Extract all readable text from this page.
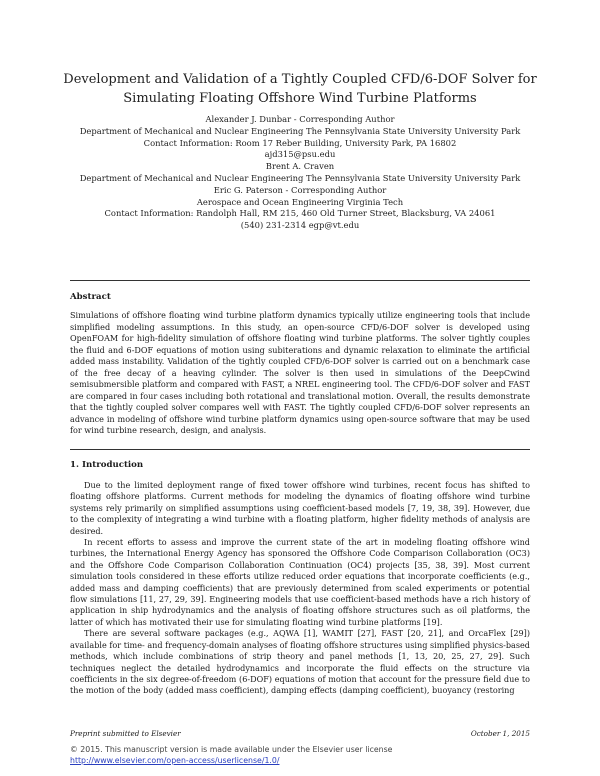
Development and Validation of a Tightly Coupled CFD/6-DOF Solver for
Simulating Floating Offshore Wind Turbine Platforms
Alexander J. Dunbar - Corresponding Author
Department of Mechanical and Nuclear Engineering The Pennsylvania State University University Park
Contact Information: Room 17 Reber Building, University Park, PA 16802
ajd315@psu.edu
Brent A. Craven
Department of Mechanical and Nuclear Engineering The Pennsylvania State University University Park
Eric G. Paterson - Corresponding Author
Aerospace and Ocean Engineering Virginia Tech
Contact Information: Randolph Hall, RM 215, 460 Old Turner Street, Blacksburg, VA 24061
(540) 231-2314 egp@vt.edu
Abstract
Simulations of offshore floating wind turbine platform dynamics typically utilize engineering tools that include simplified modeling assumptions. In this study, an open-source CFD/6-DOF solver is developed using OpenFOAM for high-fidelity simulation of offshore floating wind turbine platforms. The solver tightly couples the fluid and 6-DOF equations of motion using subiterations and dynamic relaxation to eliminate the artificial added mass instability. Validation of the tightly coupled CFD/6-DOF solver is carried out on a benchmark case of the free decay of a heaving cylinder. The solver is then used in simulations of the DeepCwind semisubmersible platform and compared with FAST, a NREL engineering tool. The CFD/6-DOF solver and FAST are compared in four cases including both rotational and translational motion. Overall, the results demonstrate that the tightly coupled solver compares well with FAST. The tightly coupled CFD/6-DOF solver represents an advance in modeling of offshore wind turbine platform dynamics using open-source software that may be used for wind turbine research, design, and analysis.
1. Introduction

Due to the limited deployment range of fixed tower offshore wind turbines, recent focus has shifted to floating offshore platforms. Current methods for modeling the dynamics of floating offshore wind turbine systems rely primarily on simplified assumptions using coefficient-based models [7, 19, 38, 39]. However, due to the complexity of integrating a wind turbine with a floating platform, higher fidelity methods of analysis are desired.

In recent efforts to assess and improve the current state of the art in modeling floating offshore wind turbines, the International Energy Agency has sponsored the Offshore Code Comparison Collaboration (OC3) and the Offshore Code Comparison Collaboration Continuation (OC4) projects [35, 38, 39]. Most current simulation tools considered in these efforts utilize reduced order equations that incorporate coefficients (e.g., added mass and damping coefficients) that are previously determined from scaled experiments or potential flow simulations [11, 27, 29, 39]. Engineering models that use coefficient-based methods have a rich history of application in ship hydrodynamics and the analysis of floating offshore structures such as oil platforms, the latter of which has motivated their use for simulating floating wind turbine platforms [19].

There are several software packages (e.g., AQWA [1], WAMIT [27], FAST [20, 21], and OrcaFlex [29]) available for time- and frequency-domain analyses of floating offshore structures using simplified physics-based methods, which include combinations of strip theory and panel methods [1, 13, 20, 25, 27, 29]. Such techniques neglect the detailed hydrodynamics and incorporate the fluid effects on the structure via coefficients in the six degree-of-freedom (6-DOF) equations of motion that account for the pressure field due to the motion of the body (added mass coefficient), damping effects (damping coefficient), buoyancy (restoring

Preprint submitted to Elsevier	October 1, 2015
© 2015. This manuscript version is made available under the Elsevier user license
http://www.elsevier.com/open-access/userlicense/1.0/
